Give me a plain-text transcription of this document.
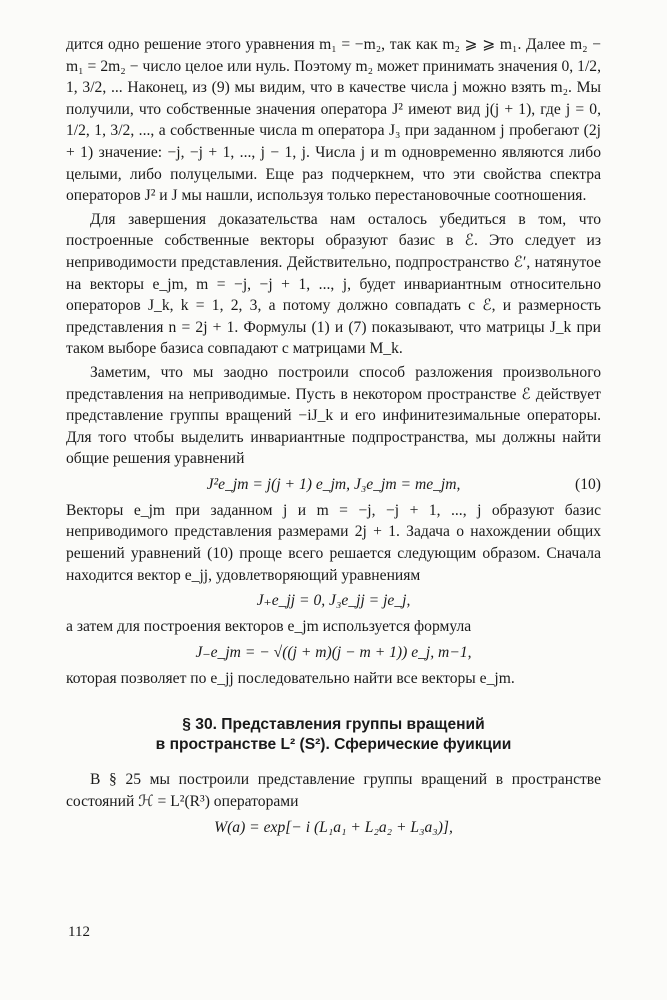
дится одно решение этого уравнения m₁ = −m₂, так как m₂ ⩾ ⩾ m₁. Далее m₂ − m₁ = 2m₂ − число целое или нуль. Поэтому m₂ может принимать значения 0, 1/2, 1, 3/2, ... Наконец, из (9) мы видим, что в качестве числа j можно взять m₂. Мы получили, что собственные значения оператора J² имеют вид j(j + 1), где j = 0, 1/2, 1, 3/2, ..., а собственные числа m оператора J₃ при заданном j пробегают (2j + 1) значение: −j, −j + 1, ..., j − 1, j. Числа j и m одновременно являются либо целыми, либо полуцелыми. Еще раз подчеркнем, что эти свойства спектра операторов J² и J мы нашли, используя только перестановочные соотношения.

Для завершения доказательства нам осталось убедиться в том, что построенные собственные векторы образуют базис в ℰ. Это следует из неприводимости представления. Действительно, подпространство ℰ′, натянутое на векторы e_jm, m = −j, −j + 1, ..., j, будет инвариантным относительно операторов J_k, k = 1, 2, 3, а потому должно совпадать с ℰ, и размерность представления n = 2j + 1. Формулы (1) и (7) показывают, что матрицы J_k при таком выборе базиса совпадают с матрицами M_k.

Заметим, что мы заодно построили способ разложения произвольного представления на неприводимые. Пусть в некотором пространстве ℰ действует представление группы вращений −iJ_k и его инфинитезимальные операторы. Для того чтобы выделить инвариантные подпространства, мы должны найти общие решения уравнений

J²e_jm = j(j + 1) e_jm, J₃e_jm = me_jm,	(10)

Векторы e_jm при заданном j и m = −j, −j + 1, ..., j образуют базис неприводимого представления размерами 2j + 1. Задача о нахождении общих решений уравнений (10) проще всего решается следующим образом. Сначала находится вектор e_jj, удовлетворяющий уравнениям

J₊e_jj = 0, J₃e_jj = je_j,

а затем для построения векторов e_jm используется формула

J₋e_jm = − √((j + m)(j − m + 1)) e_j, m−1,

которая позволяет по e_jj последовательно найти все векторы e_jm.

§ 30. Представления группы вращений
в пространстве L² (S²). Сферические фуикции

В § 25 мы построили представление группы вращений в пространстве состояний ℋ = L²(R³) операторами

W(a) = exp[− i (L₁a₁ + L₂a₂ + L₃a₃)],
112
